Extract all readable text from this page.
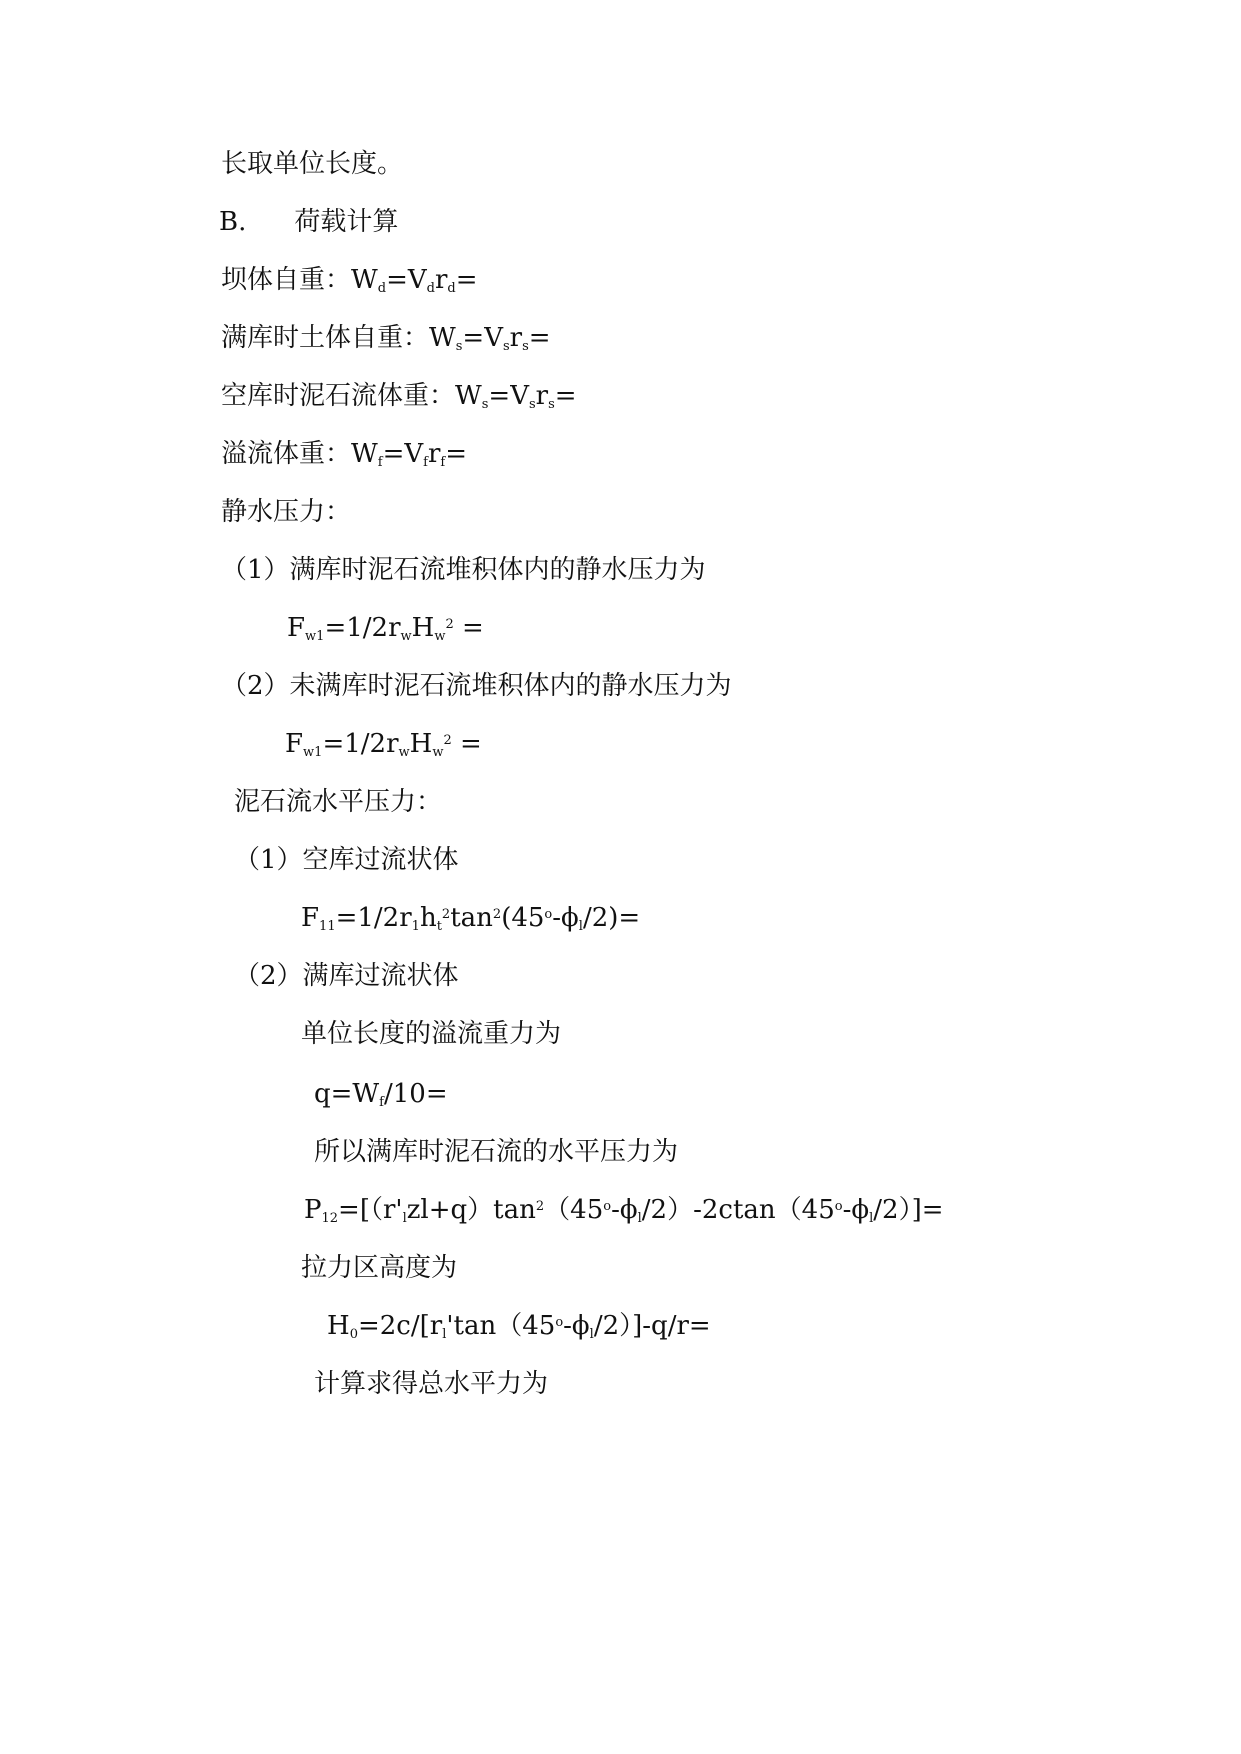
长取单位长度。
B. 荷载计算
坝体自重：$W_d=V_dr_d=$
满库时土体自重：$W_s=V_sr_s=$
空库时泥石流体重：$W_s=V_sr_s=$
溢流体重：$W_f=V_fr_f=$
静水压力：
（1）满库时泥石流堆积体内的静水压力为
$F_{w1}=1/2r_wH_w^2$ =
（2）未满库时泥石流堆积体内的静水压力为
$F_{w1}=1/2r_wH_w^2$ =
泥石流水平压力：
（1）空库过流状体
$F_{11}=1/2r_1h_t^2\tan^2(45^o-\phi_l/2)=$
（2）满库过流状体
单位长度的溢流重力为
$q=W_f/10=$
所以满库时泥石流的水平压力为
$P_{12}=[(r'_lzl+q)\tan^2(45^o-\phi_l/2)-2ctan(45^o-\phi_l/2)]=$
拉力区高度为
$H_0=2c/[r_l'\tan(45^o-\phi_l/2)]-q/r=$
计算求得总水平力为
